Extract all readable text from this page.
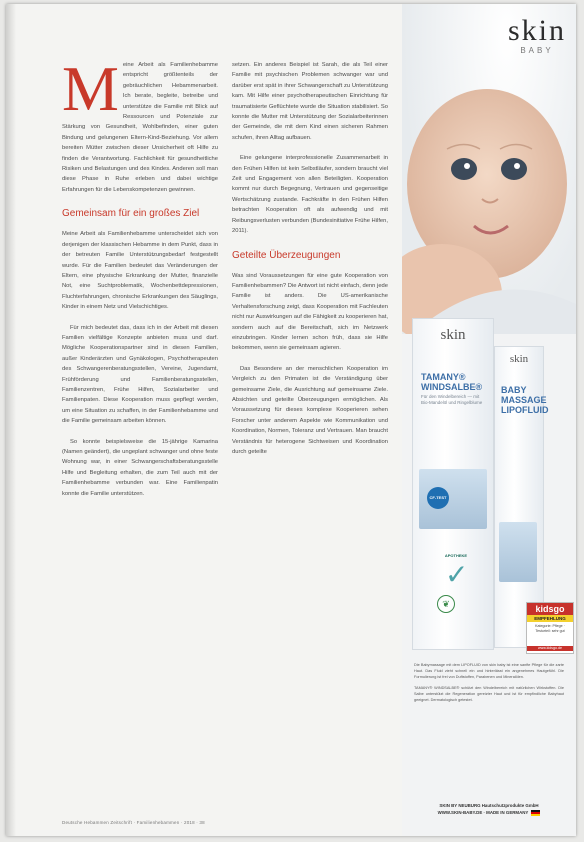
M eine Arbeit als Familienhebamme entspricht größtenteils der gebräuchlichen Hebammenarbeit. Ich berate, begleite, betreibe und unterstütze die Familie mit Blick auf Ressourcen und Potenziale zur Stärkung von Gesundheit, Wohlbefinden, einer guten Bindung und gelungenen Eltern-Kind-Beziehung. Vor allem bereiten Mütter zwischen dieser Unsicherheit oft Hilfe zu finden die Verantwortung. Fachlichkeit für gesundheitliche Risiken und Belastungen und des Kindes. Anderen soll man diese Phase in Ruhe erleben und dabei wichtige Erfahrungen für die Lebenskompetenzen gewinnen.

Gemeinsam für ein großes Ziel

Meine Arbeit als Familienhebamme unterscheidet sich von derjenigen der klassischen Hebamme in dem Punkt, dass in der betreuten Familie Unterstützungsbedarf festgestellt wurde. Für die Familien bedeutet das Veränderungen der Eltern, eine physische Erkrankung der Mutter, finanzielle Not, eine Suchtproblematik, Wochenbettdepressionen, Fluchterfahrungen, chronische Erkrankungen des Säuglings, Kinder in einem Netz und Vielschichtiges.

Für mich bedeutet das, dass ich in der Arbeit mit diesen Familien vielfältige Konzepte anbieten muss und darf. Mögliche Kooperationspartner sind in diesen Familien, außer Kinderärzten und Gynäkologen, Psychotherapeuten des Schwangerenberatungsstellen, Vereine, Jugendamt, Frühförderung und Familienberatungsstellen, Familienzentren, Frühe Hilfen, Sozialarbeiter und Familienpaten. Diese Kooperation muss gepflegt werden, um eine Situation zu schaffen, in der Familienhebamme und die Familie gemeinsam arbeiten können.

So konnte beispielsweise die 15-jährige Kamarina (Namen geändert), die ungeplant schwanger und ohne feste Wohnung war, in einer Schwangerschaftsberatungsstelle Hilfe und Begleitung erhalten, die zum Teil auch mit der Familienhebamme verbunden war. Eine Familienpatin konnte die Familie unterstützen.

setzen. Ein anderes Beispiel ist Sarah, die als Teil einer Familie mit psychischen Problemen schwanger war und darüber erst spät in ihrer Schwangerschaft zu Unterstützung kam. Mit Hilfe einer psychotherapeutischen Einrichtung für traumatisierte Geflüchtete wurde die Situation stabilisiert. So konnte die Mutter mit Unterstützung der Sozialarbeiterinnen der Gemeinde, die mit dem Kind einen sicheren Rahmen schufen, ihren Alltag aufbauen.

Eine gelungene interprofessionelle Zusammenarbeit in den Frühen Hilfen ist kein Selbstläufer, sondern braucht viel Zeit und Engagement von allen Beteiligten. Kooperation kommt nur durch Begegnung, Vertrauen und gegenseitige Wertschätzung zustande. Fachkräfte in den Frühen Hilfen betrachten Kooperation oft als aufwendig und mit Reibungsverlusten verbunden (Bundesinitiative Frühe Hilfen, 2011).

Geteilte Überzeugungen

Was sind Voraussetzungen für eine gute Kooperation von Familienhebammen? Die Antwort ist nicht einfach, denn jede Familie ist anders. Die US-amerikanische Verhaltensforschung zeigt, dass Kooperation mit Fachleuten nicht nur Auswirkungen auf die Fähigkeit zu kooperieren hat, sondern auch auf die Bereitschaft, sich im Netzwerk einzubringen. Kinder lernen schon früh, dass sie Hilfe bekommen, wenn sie gemeinsam agieren.

Das Besondere an der menschlichen Kooperation im Vergleich zu den Primaten ist die Verständigung über gemeinsame Ziele, die Ausrichtung auf gemeinsame Ziele. Absichten und geteilte Überzeugungen ermöglichen. Als Voraussetzung für dieses komplexe Kooperieren sehen Forscher unter anderem Aspekte wie Kommunikation und Koordination, Normen, Toleranz und Vertrauen. Man braucht Verständnis für heterogene Sichtweisen und Koordination durch geteilte

Deutsche Hebammen Zeitschrift · Familienhebammen · 2018 · 38
skin
BABY
skin
TAMANY® WINDSALBE®
Für den Windelbereich — mit Bio-Mandelöl und Ringelblume
CF-TEST
APOTHEKE
✓
❦
skin
BABY MASSAGE LIPOFLUID
kidsgo
EMPFEHLUNG
Kategorie: Pflege · Testurteil: sehr gut
www.kidsgo.de

Die Babymassage mit dem LIPOFLUID von skin baby ist eine sanfte Pflege für die zarte Haut. Das Fluid zieht schnell ein und hinterlässt ein angenehmes Hautgefühl. Die Formulierung ist frei von Duftstoffen, Parabenen und Mineralölen.

TAMANY® WINDSALBE® schützt den Windelbereich mit natürlichen Wirkstoffen. Die Salbe unterstützt die Regeneration gereizter Haut und ist für empfindliche Babyhaut geeignet. Dermatologisch getestet.

SKIN BY NEUBURG Hautschutzprodukte GmbH
WWW.SKIN-BABY.DE · MADE IN GERMANY
